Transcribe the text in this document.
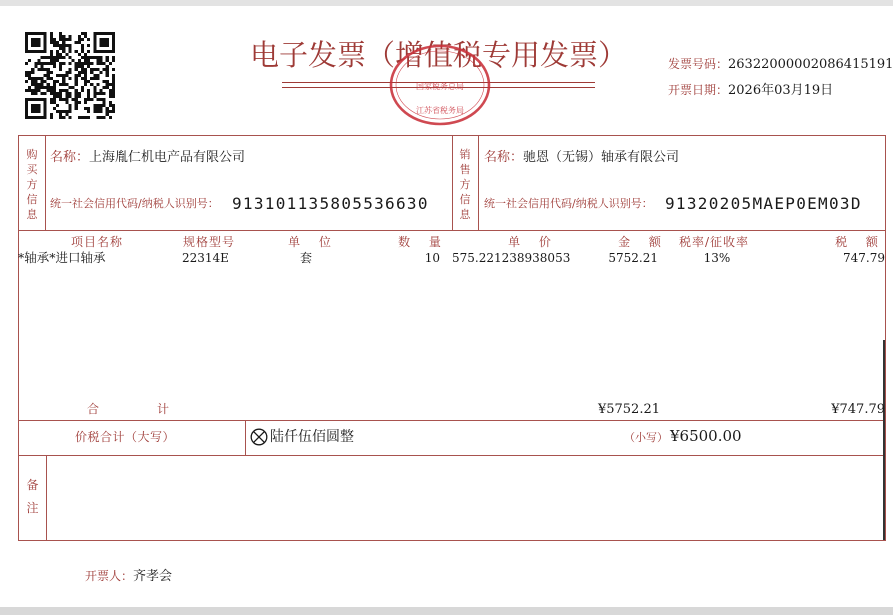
电子发票（增值税专用发票）
国家税务总局
江苏省税务局
发票号码：26322000002086415191
开票日期：2026年03月19日
购买方信息
名称：上海胤仁机电产品有限公司
统一社会信用代码/纳税人识别号： 913101135805536630
销售方信息
名称：驰恩（无锡）轴承有限公司
统一社会信用代码/纳税人识别号： 91320205MAEP0EM03D
项目名称	规格型号	单 位	数 量	单 价	金 额	税率/征收率	税 额
*轴承*进口轴承	22314E	套	10 575.221238938053	5752.21	13%	747.79
合计	¥5752.21	¥747.79
价税合计（大写）	陆仟伍佰圆整	（小写） ¥6500.00
备注
开票人：齐孝会
